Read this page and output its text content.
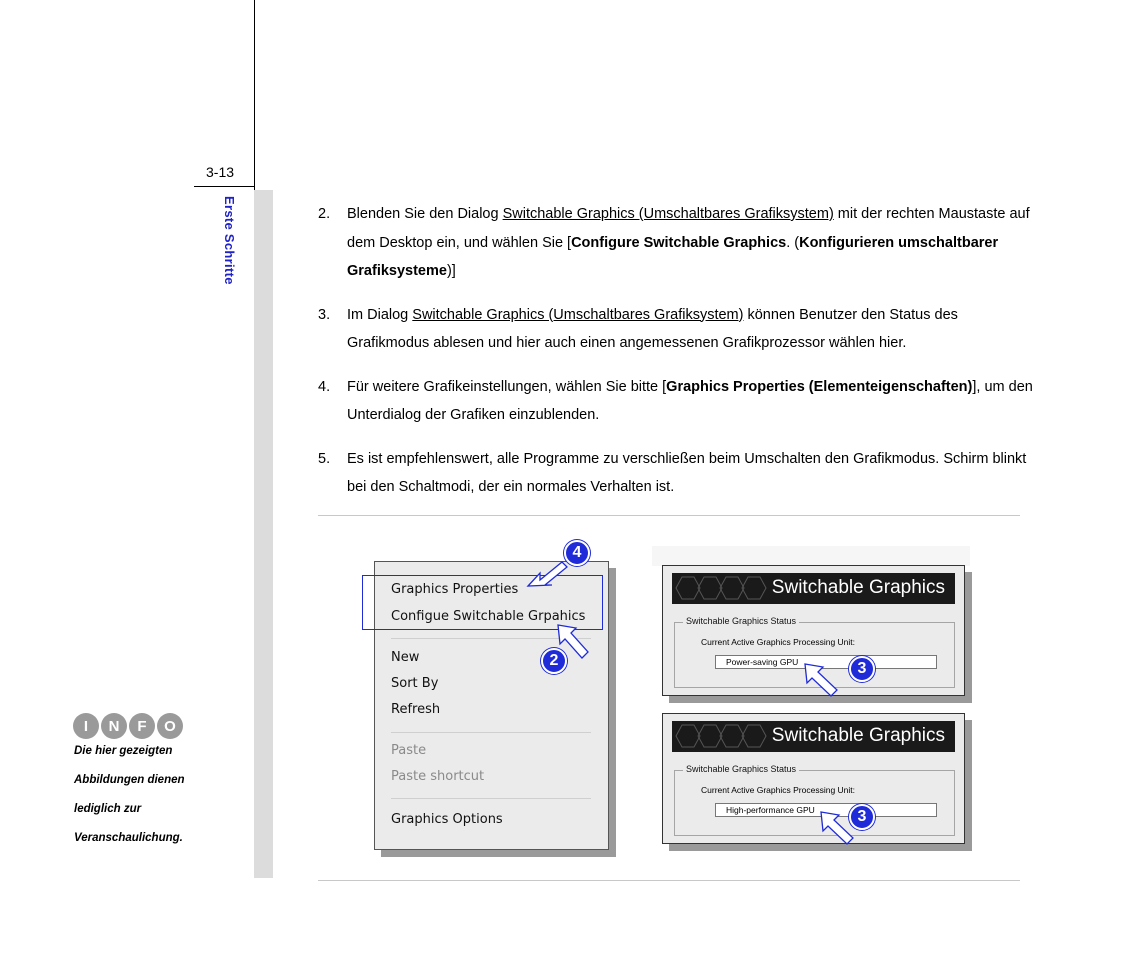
3-13
Erste Schritte	2. Blenden Sie den Dialog Switchable Graphics (Umschaltbares Grafiksystem) mit der rechten Maustaste auf dem Desktop ein, und wählen Sie [Configure Switchable Graphics. (Konfigurieren umschaltbarer Grafiksysteme)]
3. Im Dialog Switchable Graphics (Umschaltbares Grafiksystem) können Benutzer den Status des Grafikmodus ablesen und hier auch einen angemessenen Grafikprozessor wählen hier.
4. Für weitere Grafikeinstellungen, wählen Sie bitte [Graphics Properties (Elementeigenschaften)], um den Unterdialog der Grafiken einzublenden.
5. Es ist empfehlenswert, alle Programme zu verschließen beim Umschalten den Grafikmodus. Schirm blinkt bei den Schaltmodi, der ein normales Verhalten ist.
I N F O
Die hier gezeigten
Abbildungen dienen
lediglich zur
Veranschaulichung.
Graphics Properties
Configue Switchable Grpahics
New
Sort By
Refresh
Paste
Paste shortcut
Graphics Options
4
2
Switchable Graphics
Switchable Graphics Status
Current Active Graphics Processing Unit:
Power-saving GPU
Switchable Graphics
Switchable Graphics Status
Current Active Graphics Processing Unit:
High-performance GPU
3
3
